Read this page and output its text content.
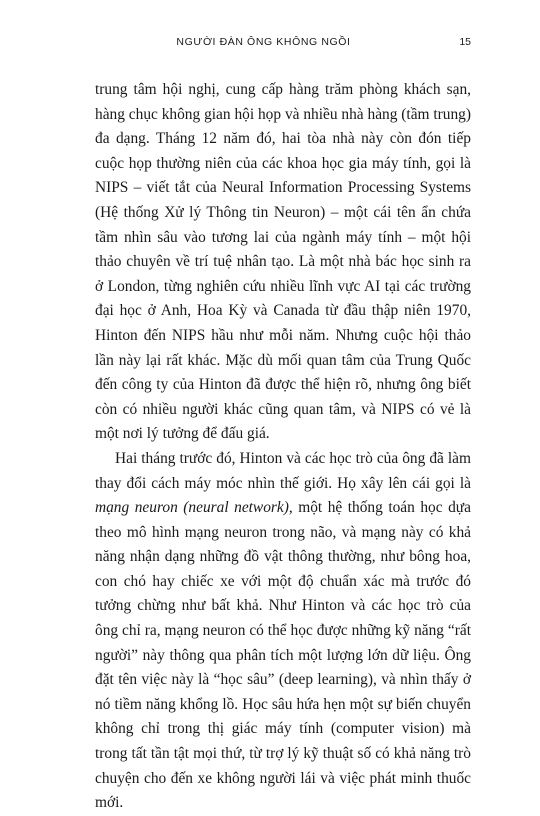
NGƯỜI ĐÀN ÔNG KHÔNG NGỒI	15

trung tâm hội nghị, cung cấp hàng trăm phòng khách sạn, hàng chục không gian hội họp và nhiều nhà hàng (tầm trung) đa dạng. Tháng 12 năm đó, hai tòa nhà này còn đón tiếp cuộc họp thường niên của các khoa học gia máy tính, gọi là NIPS – viết tắt của Neural Information Processing Systems (Hệ thống Xử lý Thông tin Neuron) – một cái tên ẩn chứa tầm nhìn sâu vào tương lai của ngành máy tính – một hội thảo chuyên về trí tuệ nhân tạo. Là một nhà bác học sinh ra ở London, từng nghiên cứu nhiều lĩnh vực AI tại các trường đại học ở Anh, Hoa Kỳ và Canada từ đầu thập niên 1970, Hinton đến NIPS hầu như mỗi năm. Nhưng cuộc hội thảo lần này lại rất khác. Mặc dù mối quan tâm của Trung Quốc đến công ty của Hinton đã được thể hiện rõ, nhưng ông biết còn có nhiều người khác cũng quan tâm, và NIPS có vẻ là một nơi lý tưởng để đấu giá.

Hai tháng trước đó, Hinton và các học trò của ông đã làm thay đổi cách máy móc nhìn thế giới. Họ xây lên cái gọi là mạng neuron (neural network), một hệ thống toán học dựa theo mô hình mạng neuron trong não, và mạng này có khả năng nhận dạng những đồ vật thông thường, như bông hoa, con chó hay chiếc xe với một độ chuẩn xác mà trước đó tưởng chừng như bất khả. Như Hinton và các học trò của ông chỉ ra, mạng neuron có thể học được những kỹ năng “rất người” này thông qua phân tích một lượng lớn dữ liệu. Ông đặt tên việc này là “học sâu” (deep learning), và nhìn thấy ở nó tiềm năng khổng lồ. Học sâu hứa hẹn một sự biến chuyển không chỉ trong thị giác máy tính (computer vision) mà trong tất tần tật mọi thứ, từ trợ lý kỹ thuật số có khả năng trò chuyện cho đến xe không người lái và việc phát minh thuốc mới.
